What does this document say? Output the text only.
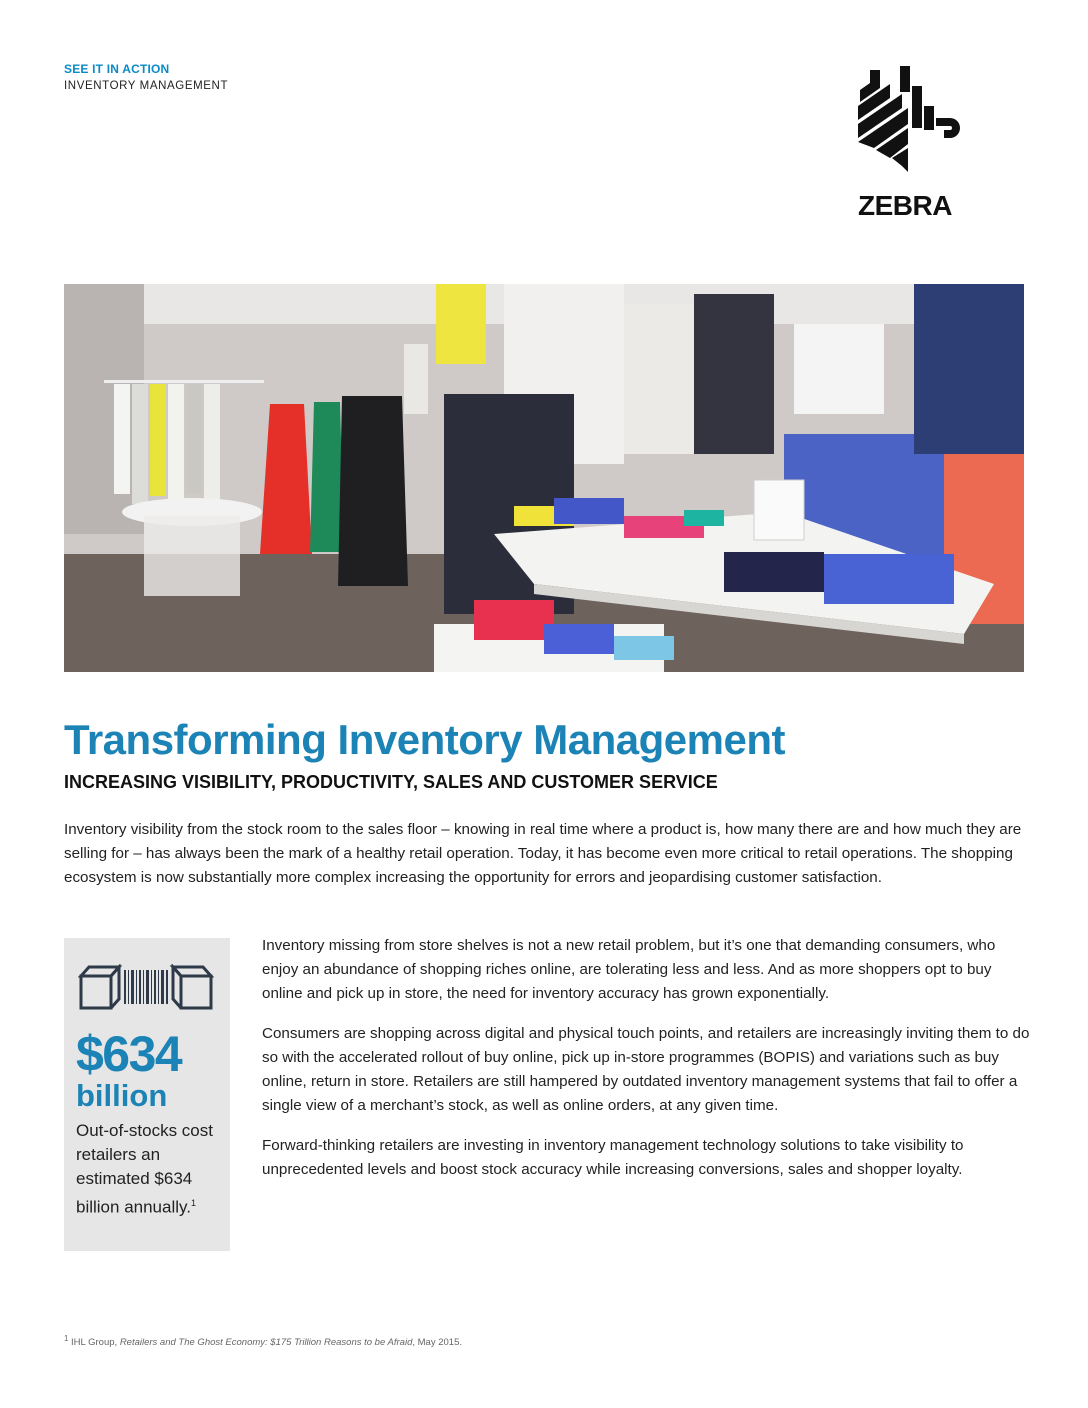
SEE IT IN ACTION
INVENTORY MANAGEMENT
ZEBRA
Transforming Inventory Management
INCREASING VISIBILITY, PRODUCTIVITY, SALES AND CUSTOMER SERVICE

Inventory visibility from the stock room to the sales floor – knowing in real time where a product is, how many there are and how much they are selling for – has always been the mark of a healthy retail operation. Today, it has become even more critical to retail operations. The shopping ecosystem is now substantially more complex increasing the opportunity for errors and jeopardising customer satisfaction.

$634
billion
Out-of-stocks cost retailers an estimated $634 billion annually.$^1$

Inventory missing from store shelves is not a new retail problem, but it’s one that demanding consumers, who enjoy an abundance of shopping riches online, are tolerating less and less. And as more shoppers opt to buy online and pick up in store, the need for inventory accuracy has grown exponentially.

Consumers are shopping across digital and physical touch points, and retailers are increasingly inviting them to do so with the accelerated rollout of buy online, pick up in-store programmes (BOPIS) and variations such as buy online, return in store. Retailers are still hampered by outdated inventory management systems that fail to offer a single view of a merchant’s stock, as well as online orders, at any given time.

Forward-thinking retailers are investing in inventory management technology solutions to take visibility to unprecedented levels and boost stock accuracy while increasing conversions, sales and shopper loyalty.

$^1$ IHL Group, Retailers and The Ghost Economy: $175 Trillion Reasons to be Afraid, May 2015.
